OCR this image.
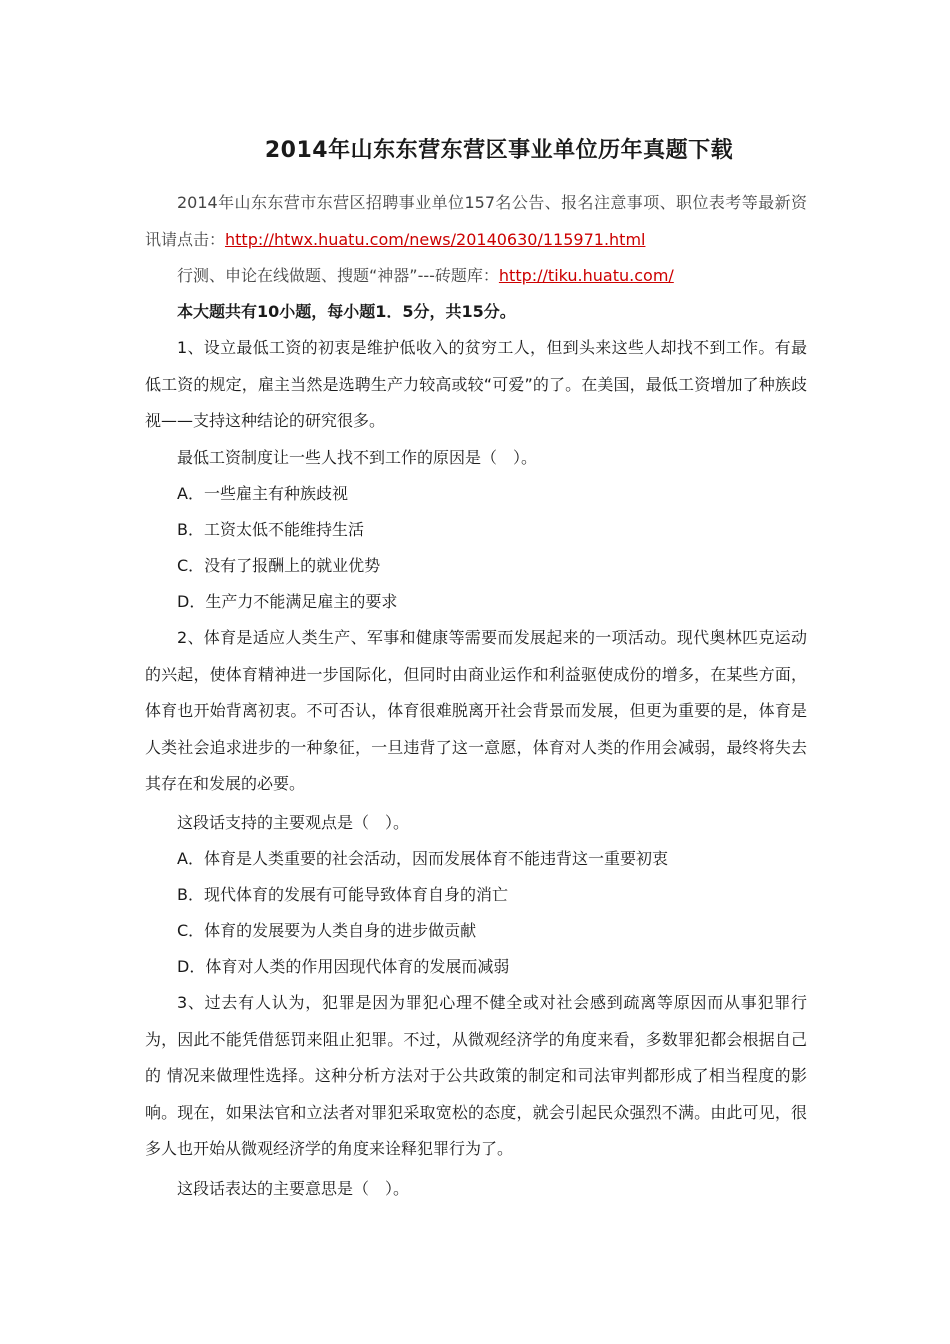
2014年山东东营东营区事业单位历年真题下载

2014年山东东营市东营区招聘事业单位157名公告、报名注意事项、职位表考等最新资讯请点击：http://htwx.huatu.com/news/20140630/115971.html

行测、申论在线做题、搜题“神器”---砖题库：http://tiku.huatu.com/

本大题共有10小题，每小题1．5分，共15分。

1、设立最低工资的初衷是维护低收入的贫穷工人，但到头来这些人却找不到工作。有最低工资的规定，雇主当然是选聘生产力较高或较“可爱”的了。在美国，最低工资增加了种族歧视——支持这种结论的研究很多。

最低工资制度让一些人找不到工作的原因是（　）。

A．一些雇主有种族歧视

B．工资太低不能维持生活

C．没有了报酬上的就业优势

D．生产力不能满足雇主的要求

2、体育是适应人类生产、军事和健康等需要而发展起来的一项活动。现代奥林匹克运动的兴起，使体育精神进一步国际化，但同时由商业运作和利益驱使成份的增多，在某些方面，体育也开始背离初衷。不可否认，体育很难脱离开社会背景而发展，但更为重要的是，体育是人类社会追求进步的一种象征，一旦违背了这一意愿，体育对人类的作用会减弱，最终将失去其存在和发展的必要。

这段话支持的主要观点是（　）。

A．体育是人类重要的社会活动，因而发展体育不能违背这一重要初衷

B．现代体育的发展有可能导致体育自身的消亡

C．体育的发展要为人类自身的进步做贡献

D．体育对人类的作用因现代体育的发展而减弱

3、过去有人认为，犯罪是因为罪犯心理不健全或对社会感到疏离等原因而从事犯罪行为，因此不能凭借惩罚来阻止犯罪。不过，从微观经济学的角度来看，多数罪犯都会根据自己的 情况来做理性选择。这种分析方法对于公共政策的制定和司法审判都形成了相当程度的影响。现在，如果法官和立法者对罪犯采取宽松的态度，就会引起民众强烈不满。由此可见，很多人也开始从微观经济学的角度来诠释犯罪行为了。

这段话表达的主要意思是（　）。
